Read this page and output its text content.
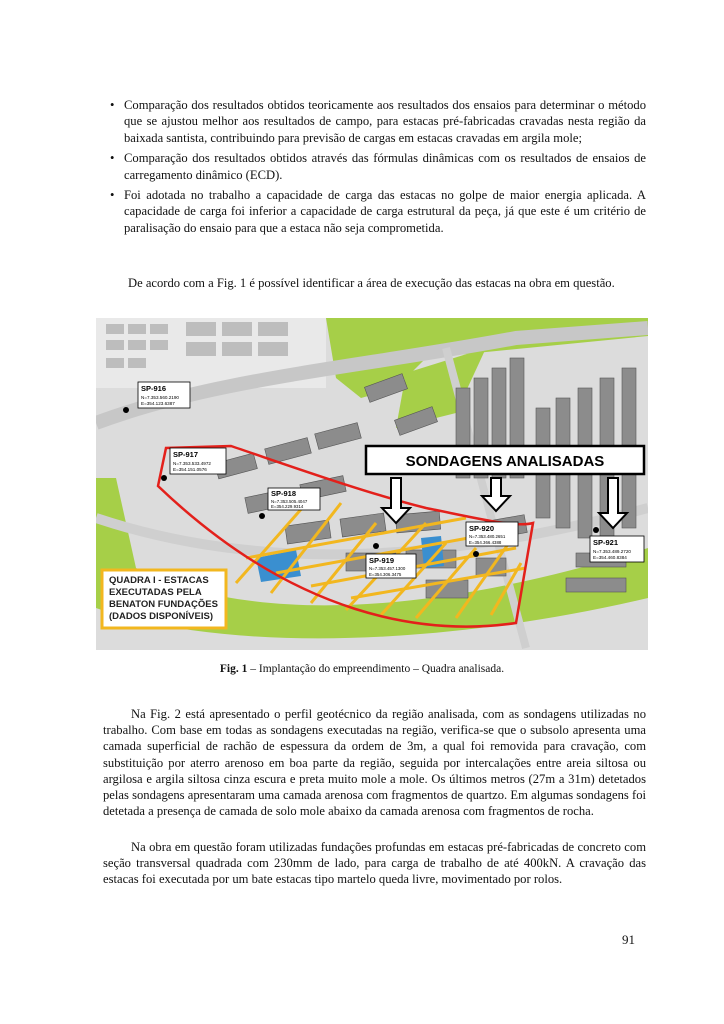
• Comparação dos resultados obtidos teoricamente aos resultados dos ensaios para determinar o método que se ajustou melhor aos resultados de campo, para estacas pré-fabricadas cravadas nesta região da baixada santista, contribuindo para previsão de cargas em estacas cravadas em argila mole;
• Comparação dos resultados obtidos através das fórmulas dinâmicas com os resultados de ensaios de carregamento dinâmico (ECD).
• Foi adotada no trabalho a capacidade de carga das estacas no golpe de maior energia aplicada. A capacidade de carga foi inferior a capacidade de carga estrutural da peça, já que este é um critério de paralisação do ensaio para que a estaca não seja comprometida.

De acordo com a Fig. 1 é possível identificar a área de execução das estacas na obra em questão.

SONDAGENS ANALISADAS
SP-916
N=7.353.560.2190
E=354.123.6387
SP-917
N=7.353.533.4972
E=354.151.0576
SP-918
N=7.353.505.4047
E=354.229.9314
SP-919
N=7.353.457.1300
E=354.306.3475
SP-920
N=7.353.480.2651
E=354.366.4388	SP-921
N=7.353.489.2720
E=354.460.8384
QUADRA I - ESTACAS
EXECUTADAS PELA
BENATON FUNDAÇÕES
(DADOS DISPONÍVEIS)
Fig. 1 – Implantação do empreendimento – Quadra analisada.

Na Fig. 2 está apresentado o perfil geotécnico da região analisada, com as sondagens utilizadas no trabalho. Com base em todas as sondagens executadas na região, verifica-se que o subsolo apresenta uma camada superficial de rachão de espessura da ordem de 3m, a qual foi removida para cravação, com substituição por aterro arenoso em boa parte da região, seguida por intercalações entre areia siltosa ou argilosa e argila siltosa cinza escura e preta muito mole a mole. Os últimos metros (27m a 31m) detetados pelas sondagens apresentaram uma camada arenosa com fragmentos de quartzo. Em algumas sondagens foi detetada a presença de camada de solo mole abaixo da camada arenosa com fragmentos de rocha.

Na obra em questão foram utilizadas fundações profundas em estacas pré-fabricadas de concreto com seção transversal quadrada com 230mm de lado, para carga de trabalho de até 400kN. A cravação das estacas foi executada por um bate estacas tipo martelo queda livre, movimentado por rolos.

91
